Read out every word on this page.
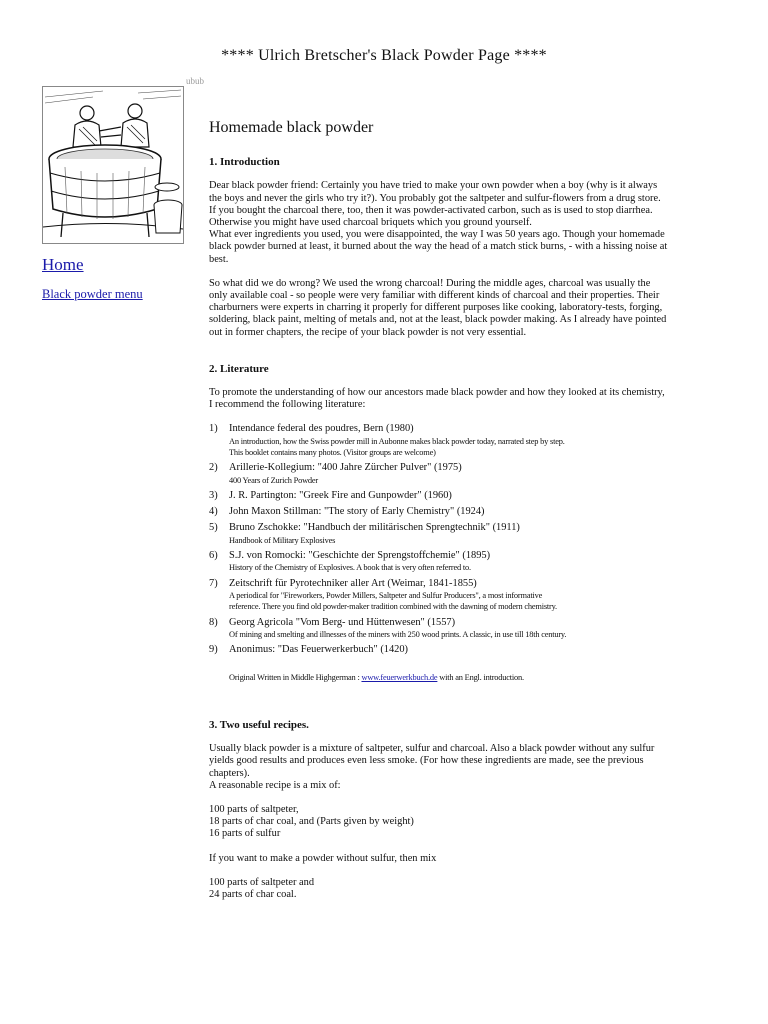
**** Ulrich Bretscher's Black Powder Page ****
ubub
Home
Black powder menu
Homemade black powder
1. Introduction

Dear black powder friend: Certainly you have tried to make your own powder when a boy (why is it always
the boys and never the girls who try it?). You probably got the saltpeter and sulfur-flowers from a drug store.
If you bought the charcoal there, too, then it was powder-activated carbon, such as is used to stop diarrhea.
Otherwise you might have used charcoal briquets which you ground yourself.
What ever ingredients you used, you were disappointed, the way I was 50 years ago. Though your homemade
black powder burned at least, it burned about the way the head of a match stick burns, - with a hissing noise at
best.

So what did we do wrong? We used the wrong charcoal! During the middle ages, charcoal was usually the
only available coal - so people were very familiar with different kinds of charcoal and their properties. Their
charburners were experts in charring it properly for different purposes like cooking, laboratory-tests, forging,
soldering, black paint, melting of metals and, not at the least, black powder making. As I already have pointed
out in former chapters, the recipe of your black powder is not very essential.

2. Literature

To promote the understanding of how our ancestors made black powder and how they looked at its chemistry,
I recommend the following literature:

1) Intendance federal des poudres, Bern (1980)
An introduction, how the Swiss powder mill in Aubonne makes black powder today, narrated step by step.
This booklet contains many photos. (Visitor groups are welcome)
2) Arillerie-Kollegium: "400 Jahre Zürcher Pulver" (1975)
400 Years of Zurich Powder
3) J. R. Partington: "Greek Fire and Gunpowder" (1960)
4) John Maxon Stillman: "The story of Early Chemistry" (1924)
5) Bruno Zschokke: "Handbuch der militärischen Sprengtechnik" (1911)
Handbook of Military Explosives
6) S.J. von Romocki: "Geschichte der Sprengstoffchemie" (1895)
History of the Chemistry of Explosives. A book that is very often referred to.
7) Zeitschrift für Pyrotechniker aller Art (Weimar, 1841-1855)
A periodical for "Fireworkers, Powder Millers, Saltpeter and Sulfur Producers", a most informative
reference. There you find old powder-maker tradition combined with the dawning of modern chemistry.
8) Georg Agricola "Vom Berg- und Hüttenwesen" (1557)
Of mining and smelting and illnesses of the miners with 250 wood prints. A classic, in use till 18th century.
9) Anonimus: "Das Feuerwerkerbuch" (1420)
Original Written in Middle Highgerman : www.feuerwerkbuch.de with an Engl. introduction.
3. Two useful recipes.

Usually black powder is a mixture of saltpeter, sulfur and charcoal. Also a black powder without any sulfur
yields good results and produces even less smoke. (For how these ingredients are made, see the previous
chapters).
A reasonable recipe is a mix of:

100 parts of saltpeter,
18 parts of char coal, and (Parts given by weight)
16 parts of sulfur

If you want to make a powder without sulfur, then mix

100 parts of saltpeter and
24 parts of char coal.
